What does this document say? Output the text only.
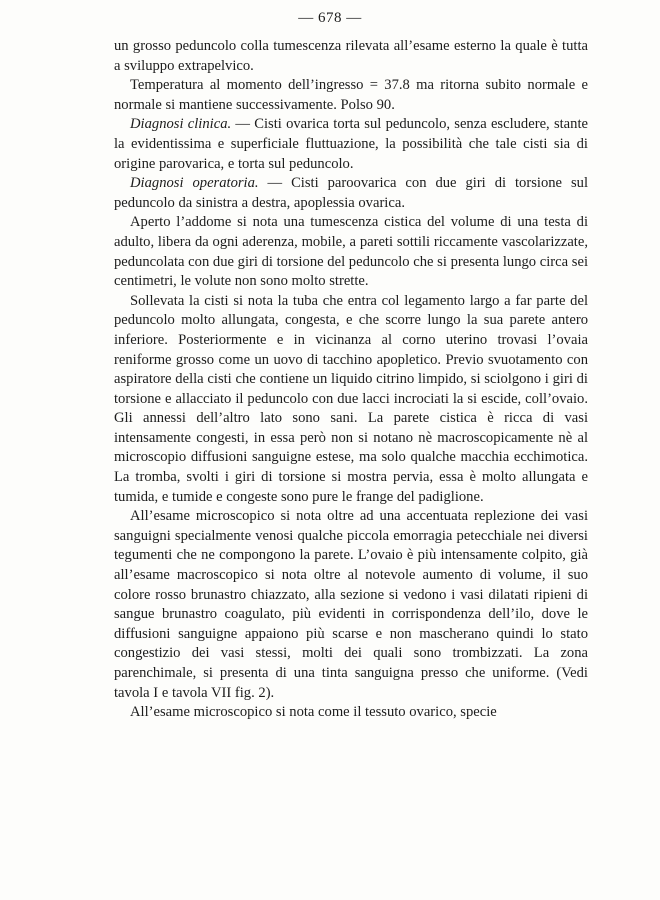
— 678 —

un grosso peduncolo colla tumescenza rilevata all’esame esterno la quale è tutta a sviluppo extrapelvico.

Temperatura al momento dell’ingresso = 37.8 ma ritorna subito normale e normale si mantiene successivamente. Polso 90.

Diagnosi clinica. — Cisti ovarica torta sul peduncolo, senza escludere, stante la evidentissima e superficiale fluttuazione, la possibilità che tale cisti sia di origine parovarica, e torta sul peduncolo.

Diagnosi operatoria. — Cisti paroovarica con due giri di torsione sul peduncolo da sinistra a destra, apoplessia ovarica.

Aperto l’addome si nota una tumescenza cistica del volume di una testa di adulto, libera da ogni aderenza, mobile, a pareti sottili riccamente vascolarizzate, peduncolata con due giri di torsione del peduncolo che si presenta lungo circa sei centimetri, le volute non sono molto strette.

Sollevata la cisti si nota la tuba che entra col legamento largo a far parte del peduncolo molto allungata, congesta, e che scorre lungo la sua parete antero inferiore. Posteriormente e in vicinanza al corno uterino trovasi l’ovaia reniforme grosso come un uovo di tacchino apopletico. Previo svuotamento con aspiratore della cisti che contiene un liquido citrino limpido, si sciolgono i giri di torsione e allacciato il peduncolo con due lacci incrociati la si escide, coll’ovaio. Gli annessi dell’altro lato sono sani. La parete cistica è ricca di vasi intensamente congesti, in essa però non si notano nè macroscopicamente nè al microscopio diffusioni sanguigne estese, ma solo qualche macchia ecchimotica. La tromba, svolti i giri di torsione si mostra pervia, essa è molto allungata e tumida, e tumide e congeste sono pure le frange del padiglione.

All’esame microscopico si nota oltre ad una accentuata replezione dei vasi sanguigni specialmente venosi qualche piccola emorragia petecchiale nei diversi tegumenti che ne compongono la parete. L’ovaio è più intensamente colpito, già all’esame macroscopico si nota oltre al notevole aumento di volume, il suo colore rosso brunastro chiazzato, alla sezione si vedono i vasi dilatati ripieni di sangue brunastro coagulato, più evidenti in corrispondenza dell’ilo, dove le diffusioni sanguigne appaiono più scarse e non mascherano quindi lo stato congestizio dei vasi stessi, molti dei quali sono trombizzati. La zona parenchimale, si presenta di una tinta sanguigna presso che uniforme. (Vedi tavola I e tavola VII fig. 2).

All’esame microscopico si nota come il tessuto ovarico, specie
